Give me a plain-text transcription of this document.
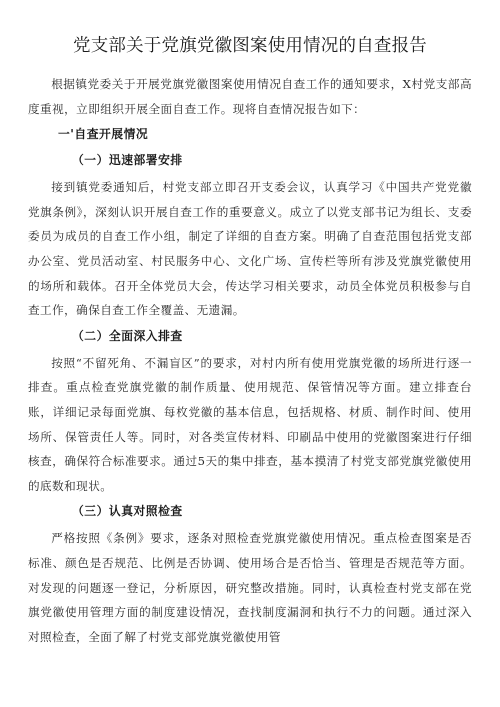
党支部关于党旗党徽图案使用情况的自查报告

根据镇党委关于开展党旗党徽图案使用情况自查工作的通知要求，X村党支部高度重视，立即组织开展全面自查工作。现将自查情况报告如下：

一'自查开展情况
（一）迅速部署安排

接到镇党委通知后，村党支部立即召开支委会议，认真学习《中国共产党党徽党旗条例》，深刻认识开展自查工作的重要意义。成立了以党支部书记为组长、支委委员为成员的自查工作小组，制定了详细的自查方案。明确了自查范围包括党支部办公室、党员活动室、村民服务中心、文化广场、宣传栏等所有涉及党旗党徽使用的场所和载体。召开全体党员大会，传达学习相关要求，动员全体党员积极参与自查工作，确保自查工作全覆盖、无遗漏。

（二）全面深入排查

按照“不留死角、不漏盲区”的要求，对村内所有使用党旗党徽的场所进行逐一排查。重点检查党旗党徽的制作质量、使用规范、保管情况等方面。建立排查台账，详细记录每面党旗、每枚党徽的基本信息，包括规格、材质、制作时间、使用场所、保管责任人等。同时，对各类宣传材料、印刷品中使用的党徽图案进行仔细核查，确保符合标准要求。通过5天的集中排查，基本摸清了村党支部党旗党徽使用的底数和现状。

（三）认真对照检查

严格按照《条例》要求，逐条对照检查党旗党徽使用情况。重点检查图案是否标准、颜色是否规范、比例是否协调、使用场合是否恰当、管理是否规范等方面。对发现的问题逐一登记，分析原因，研究整改措施。同时，认真检查村党支部在党旗党徽使用管理方面的制度建设情况，查找制度漏洞和执行不力的问题。通过深入对照检查，全面了解了村党支部党旗党徽使用管
